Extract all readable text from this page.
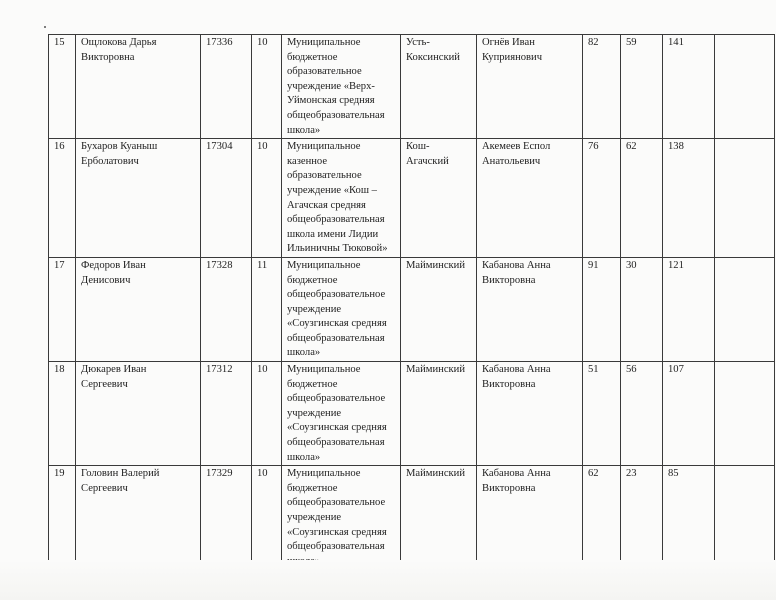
15	Ощлокова Дарья Викторовна	17336	10	Муниципальное бюджетное образовательное учреждение «Верх-Уймонская средняя общеобразовательная школа»	Усть-Коксинский	Огнёв Иван Куприянович	82	59	141	
16	Бухаров Куаныш Ерболатович	17304	10	Муниципальное казенное образовательное учреждение «Кош – Агачская средняя общеобразовательная школа имени Лидии Ильиничны Тюковой»	Кош-Агачский	Акемеев Еспол Анатольевич	76	62	138	
17	Федоров Иван Денисович	17328	11	Муниципальное бюджетное общеобразовательное учреждение «Соузгинская средняя общеобразовательная школа»	Майминский	Кабанова Анна Викторовна	91	30	121	
18	Дюкарев Иван Сергеевич	17312	10	Муниципальное бюджетное общеобразовательное учреждение «Соузгинская средняя общеобразовательная школа»	Майминский	Кабанова Анна Викторовна	51	56	107	
19	Головин Валерий Сергеевич	17329	10	Муниципальное бюджетное общеобразовательное учреждение «Соузгинская средняя общеобразовательная	Майминский	Кабанова Анна Викторовна	62	23	85	
